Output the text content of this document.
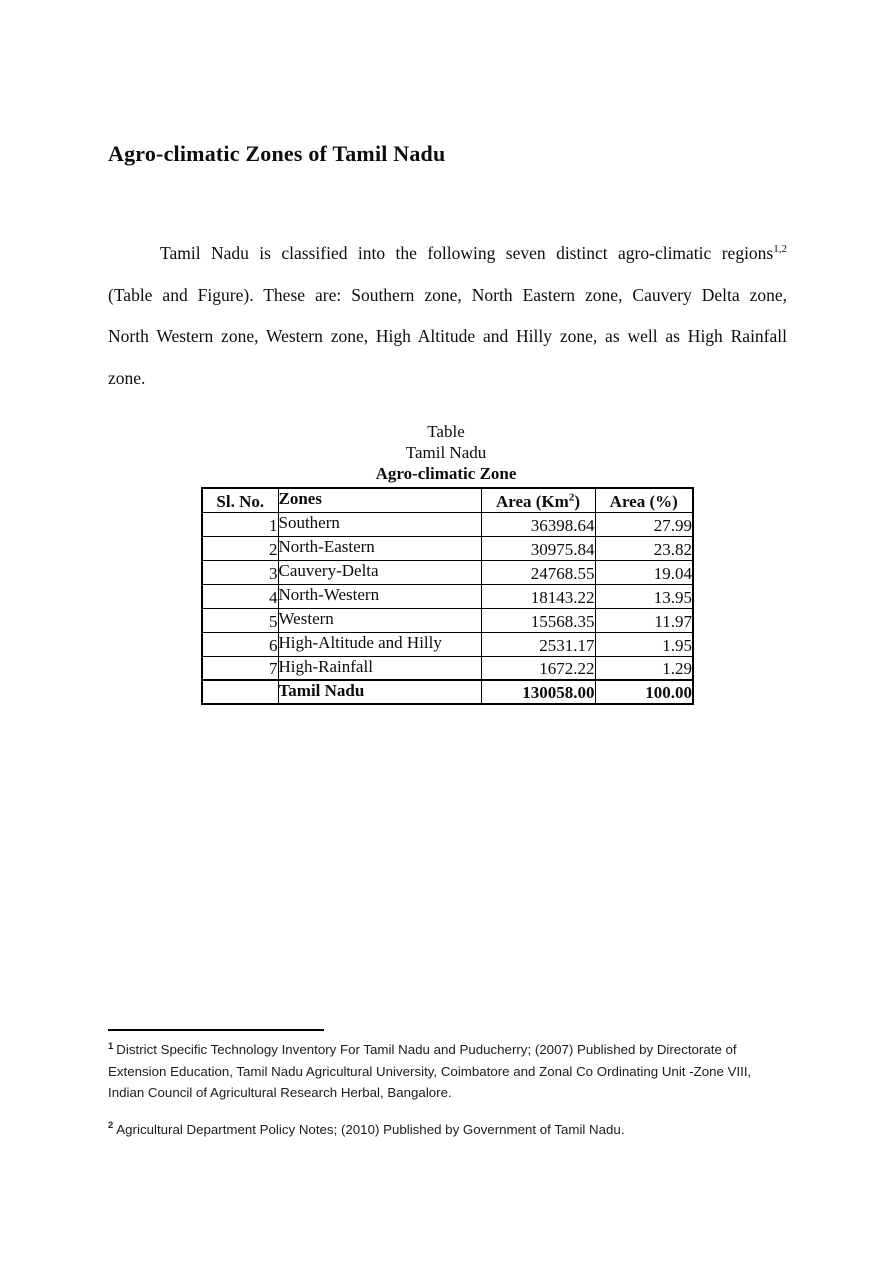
Agro-climatic Zones of Tamil Nadu
Tamil Nadu is classified into the following seven distinct agro-climatic regions$^{1,2}$
(Table and Figure). These are: Southern zone, North Eastern zone, Cauvery Delta zone,
North Western zone, Western zone, High Altitude and Hilly zone, as well as High Rainfall
zone.
Table
Tamil Nadu
Agro-climatic Zone
Sl. No.	Zones	Area (Km$^2$)	Area (%)
1	Southern	36398.64	27.99
2	North-Eastern	30975.84	23.82
3	Cauvery-Delta	24768.55	19.04
4	North-Western	18143.22	13.95
5	Western	15568.35	11.97
6	High-Altitude and Hilly	2531.17	1.95
7	High-Rainfall	1672.22	1.29
	Tamil Nadu	130058.00	100.00
$^1$ District Specific Technology Inventory For Tamil Nadu and Puducherry; (2007) Published by Directorate of Extension Education, Tamil Nadu Agricultural University, Coimbatore and Zonal Co Ordinating Unit -Zone VIII, Indian Council of Agricultural Research Herbal, Bangalore.
$^2$ Agricultural Department Policy Notes; (2010) Published by Government of Tamil Nadu.
